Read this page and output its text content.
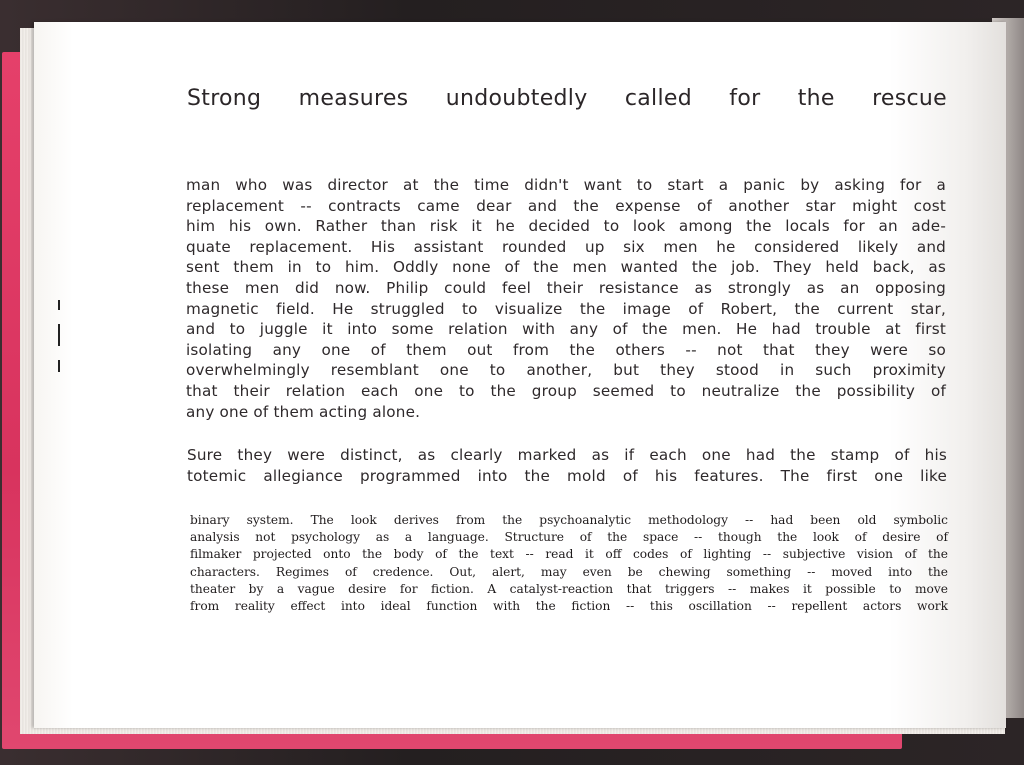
Strong measures undoubtedly called for the rescue
man who was director at the time didn't want to start a panic by asking for a
replacement -- contracts came dear and the expense of another star might cost
him his own. Rather than risk it he decided to look among the locals for an ade-
quate replacement. His assistant rounded up six men he considered likely and
sent them in to him. Oddly none of the men wanted the job. They held back, as
these men did now. Philip could feel their resistance as strongly as an opposing
magnetic field. He struggled to visualize the image of Robert, the current star,
and to juggle it into some relation with any of the men. He had trouble at first
isolating any one of them out from the others -- not that they were so
overwhelmingly resemblant one to another, but they stood in such proximity
that their relation each one to the group seemed to neutralize the possibility of
any one of them acting alone.
Sure they were distinct, as clearly marked as if each one had the stamp of his
totemic allegiance programmed into the mold of his features. The first one like
binary system. The look derives from the psychoanalytic methodology -- had been old symbolic
analysis not psychology as a language. Structure of the space -- though the look of desire of
filmaker projected onto the body of the text -- read it off codes of lighting -- subjective vision of the
characters. Regimes of credence. Out, alert, may even be chewing something -- moved into the
theater by a vague desire for fiction. A catalyst-reaction that triggers -- makes it possible to move
from reality effect into ideal function with the fiction -- this oscillation -- repellent actors work
